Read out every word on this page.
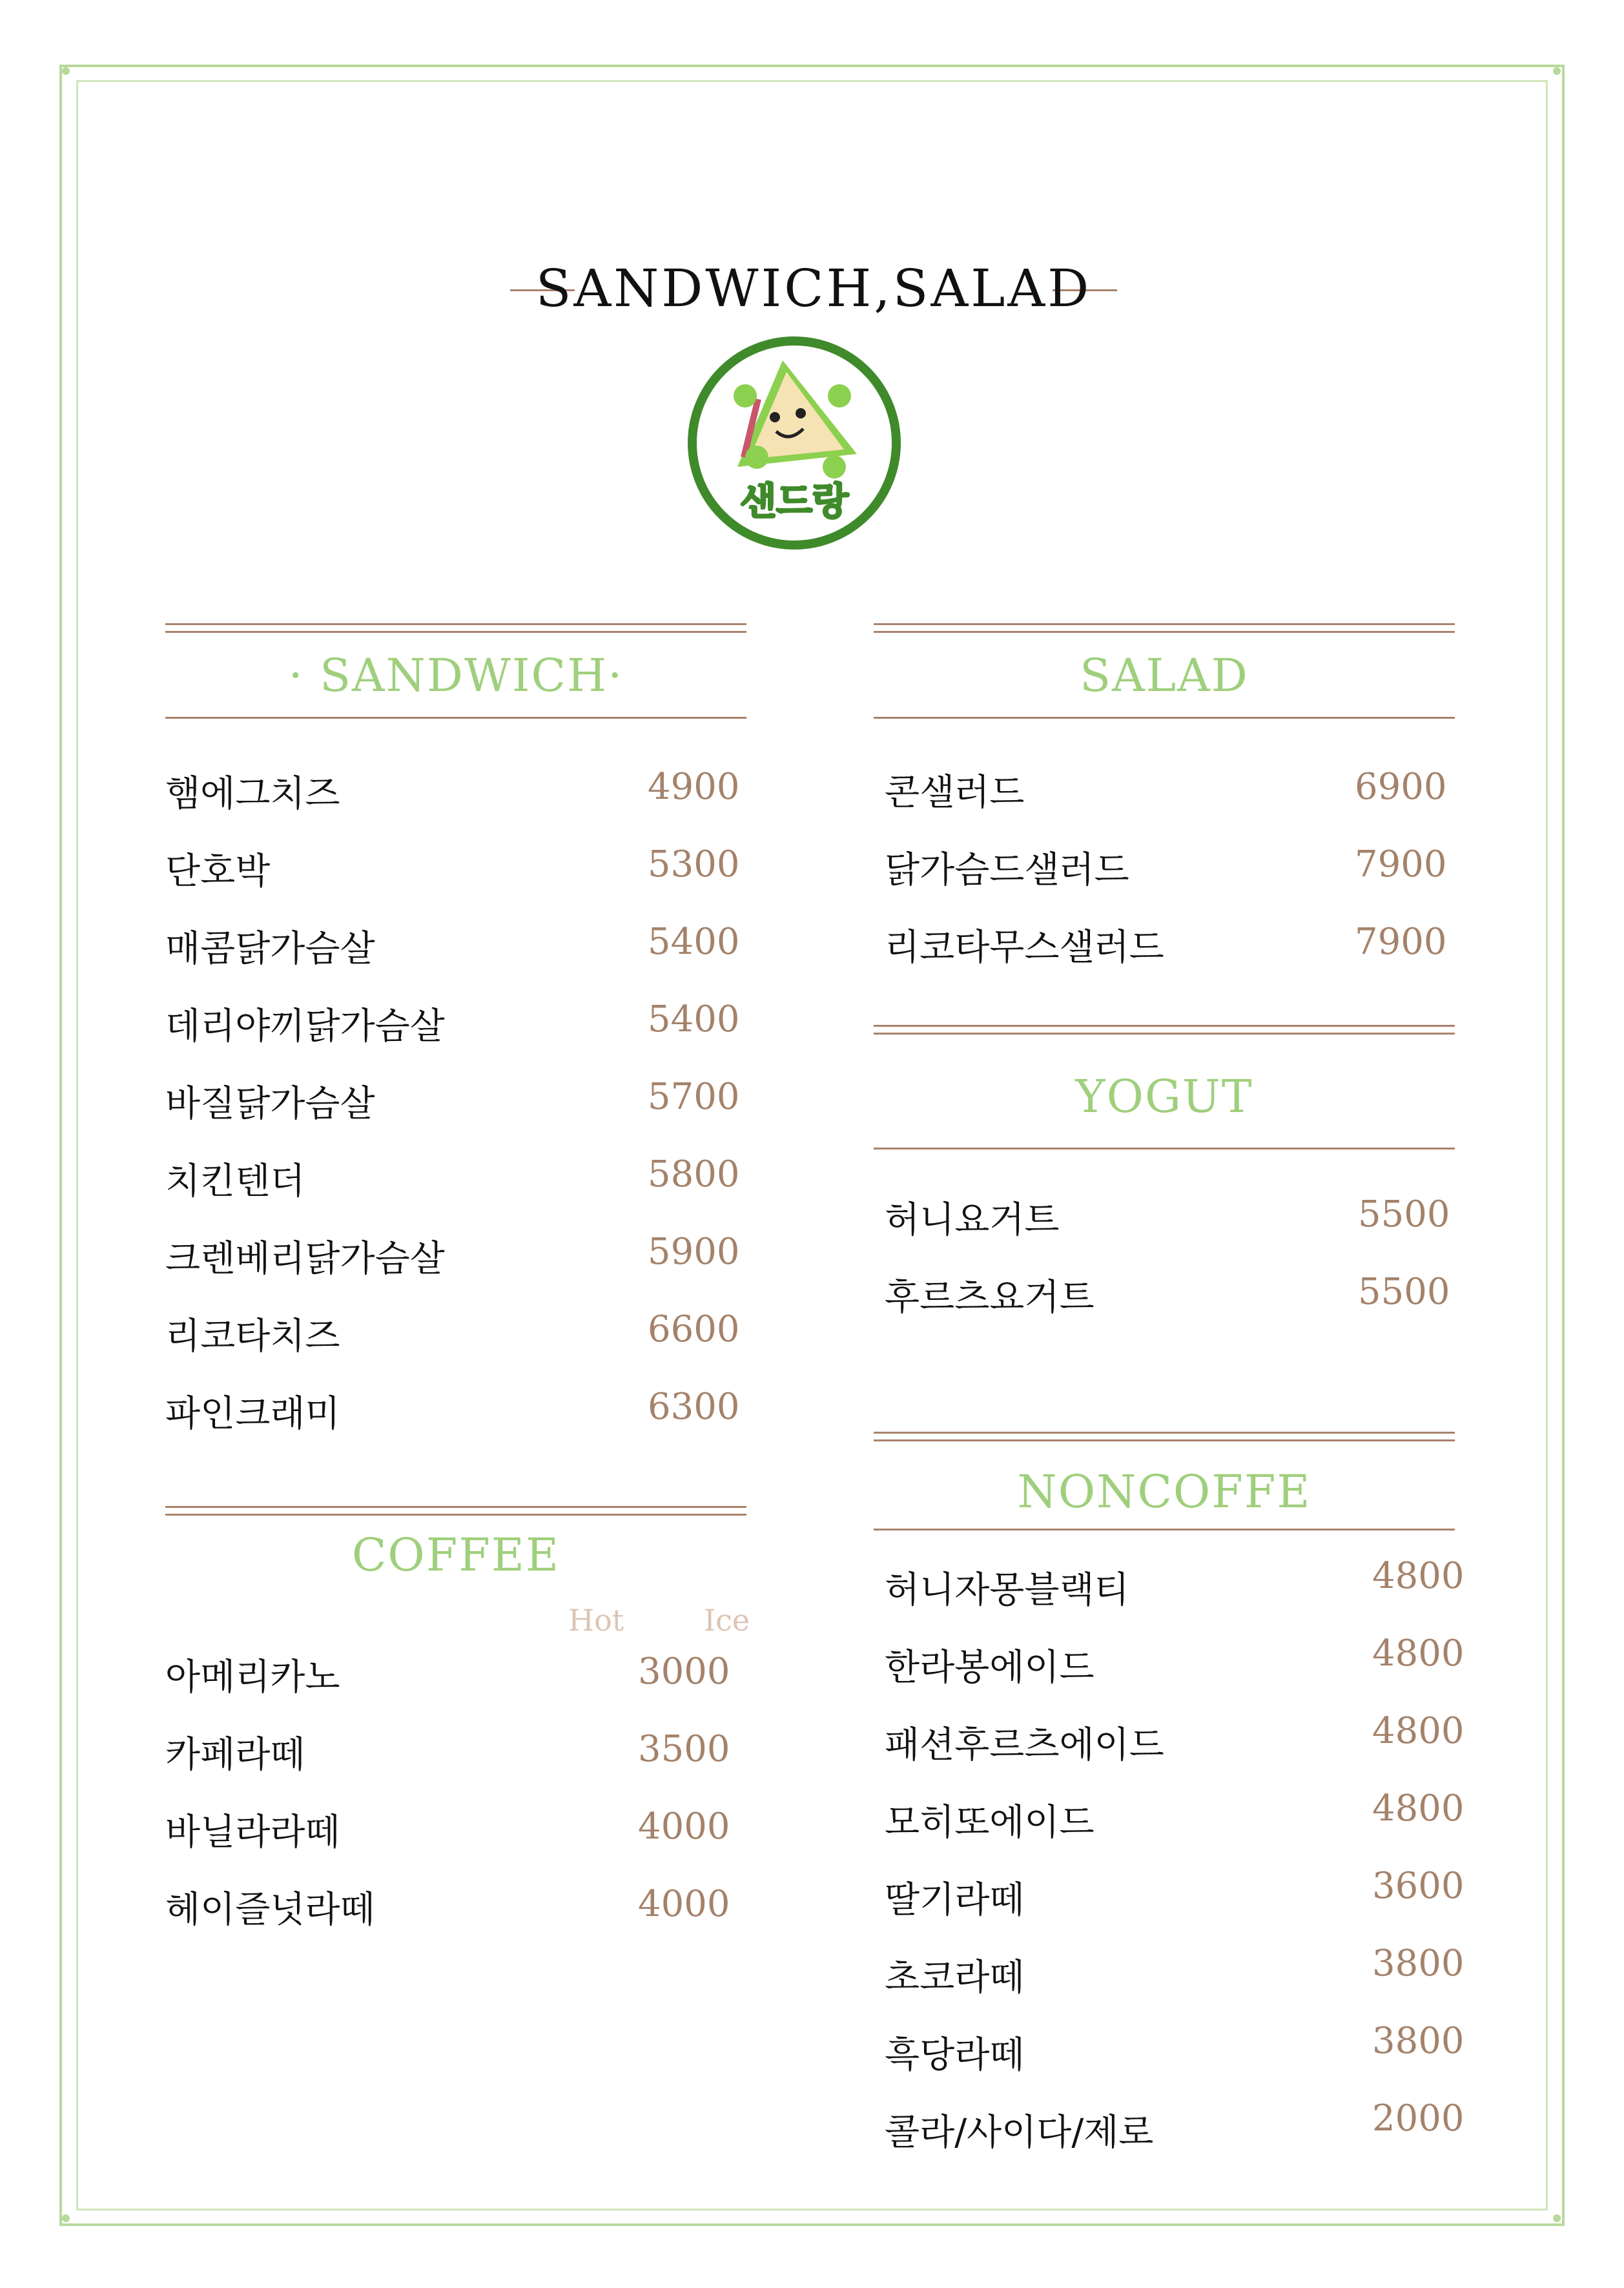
SANDWICH,SALAD
샌드랑
· SANDWICH·
햄에그치즈	4900
단호박	5300
매콤닭가슴살	5400
데리야끼닭가슴살	5400
바질닭가슴살	5700
치킨텐더	5800
크렌베리닭가슴살	5900
리코타치즈	6600
파인크래미	6300
SALAD
콘샐러드	6900
닭가슴드샐러드	7900
리코타무스샐러드	7900
YOGUT
허니요거트	5500
후르츠요거트	5500
COFFEE
Hot	Ice
아메리카노	3000
카페라떼	3500
바닐라라떼	4000
헤이즐넛라떼	4000
NONCOFFE
허니자몽블랙티	4800
한라봉에이드	4800
패션후르츠에이드	4800
모히또에이드	4800
딸기라떼	3600
초코라떼	3800
흑당라떼	3800
콜라/사이다/제로	2000
